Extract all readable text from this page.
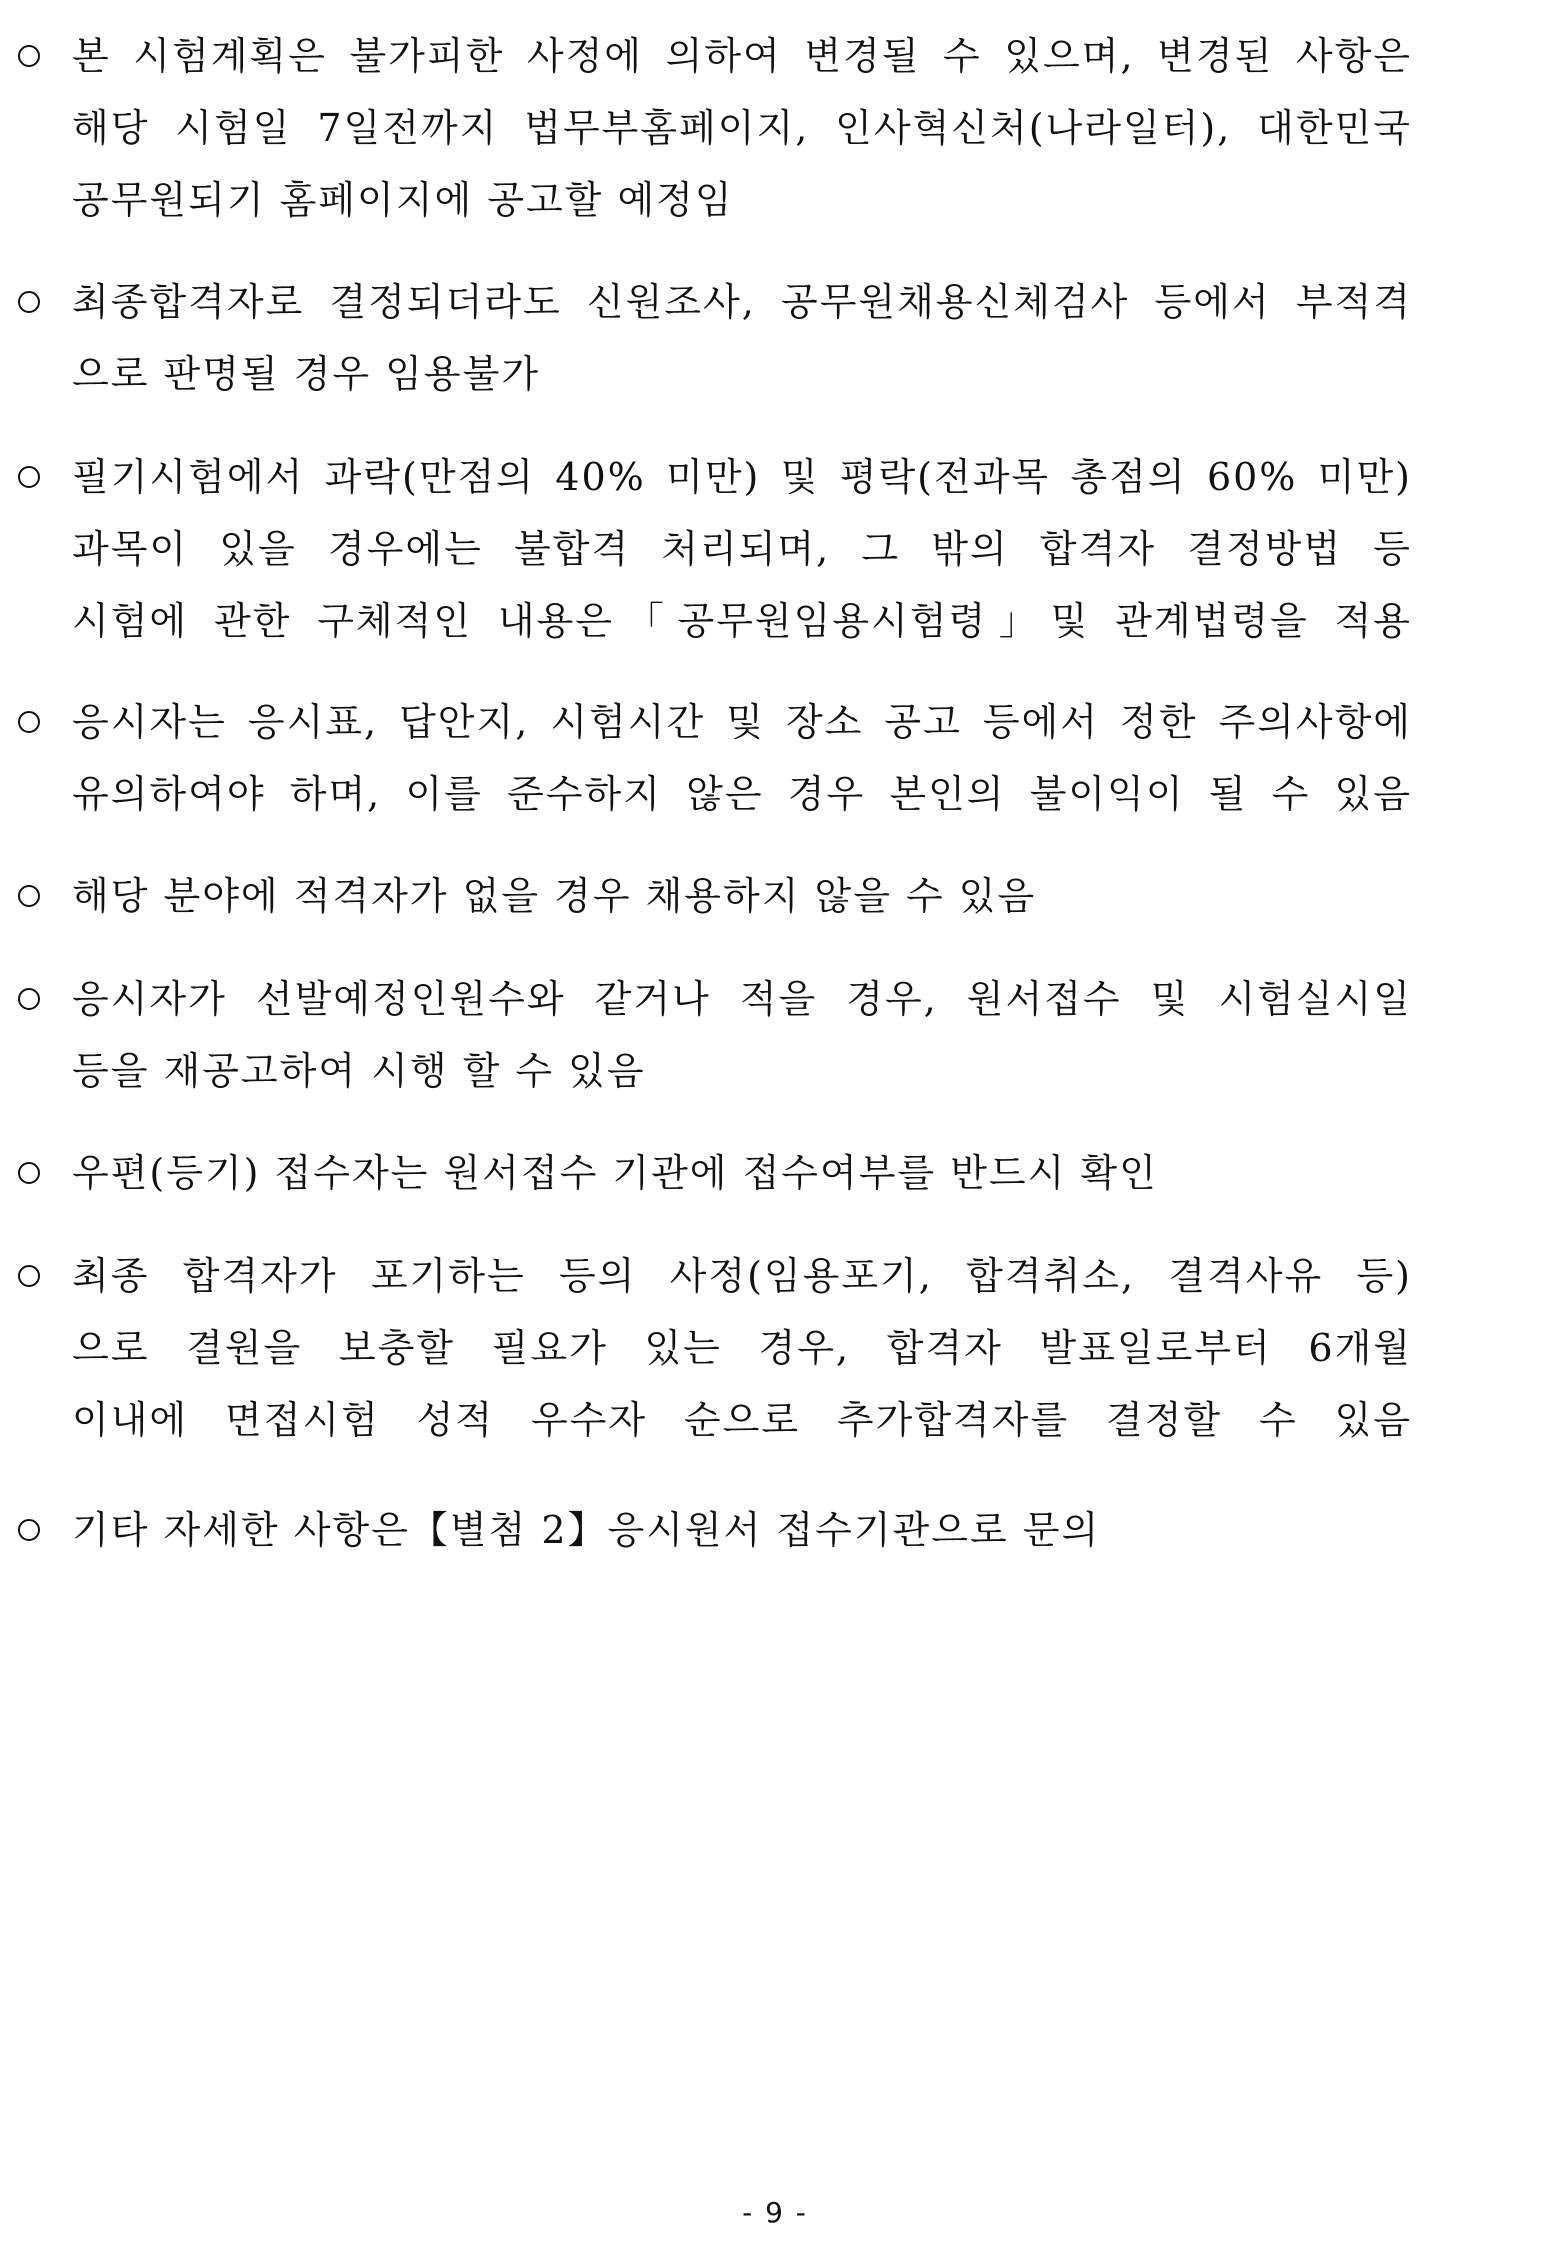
본 시험계획은 불가피한 사정에 의하여 변경될 수 있으며, 변경된 사항은
해당 시험일 7일전까지 법무부홈페이지, 인사혁신처(나라일터), 대한민국
공무원되기 홈페이지에 공고할 예정임
최종합격자로 결정되더라도 신원조사, 공무원채용신체검사 등에서 부적격
으로 판명될 경우 임용불가
필기시험에서 과락(만점의 40% 미만) 및 평락(전과목 총점의 60% 미만)
과목이 있을 경우에는 불합격 처리되며, 그 밖의 합격자 결정방법 등
시험에 관한 구체적인 내용은「공무원임용시험령」및 관계법령을 적용
응시자는 응시표, 답안지, 시험시간 및 장소 공고 등에서 정한 주의사항에
유의하여야 하며, 이를 준수하지 않은 경우 본인의 불이익이 될 수 있음
해당 분야에 적격자가 없을 경우 채용하지 않을 수 있음
응시자가 선발예정인원수와 같거나 적을 경우, 원서접수 및 시험실시일
등을 재공고하여 시행 할 수 있음
우편(등기) 접수자는 원서접수 기관에 접수여부를 반드시 확인
최종 합격자가 포기하는 등의 사정(임용포기, 합격취소, 결격사유 등)
으로 결원을 보충할 필요가 있는 경우, 합격자 발표일로부터 6개월
이내에 면접시험 성적 우수자 순으로 추가합격자를 결정할 수 있음
기타 자세한 사항은【별첨 2】응시원서 접수기관으로 문의
- 9 -
